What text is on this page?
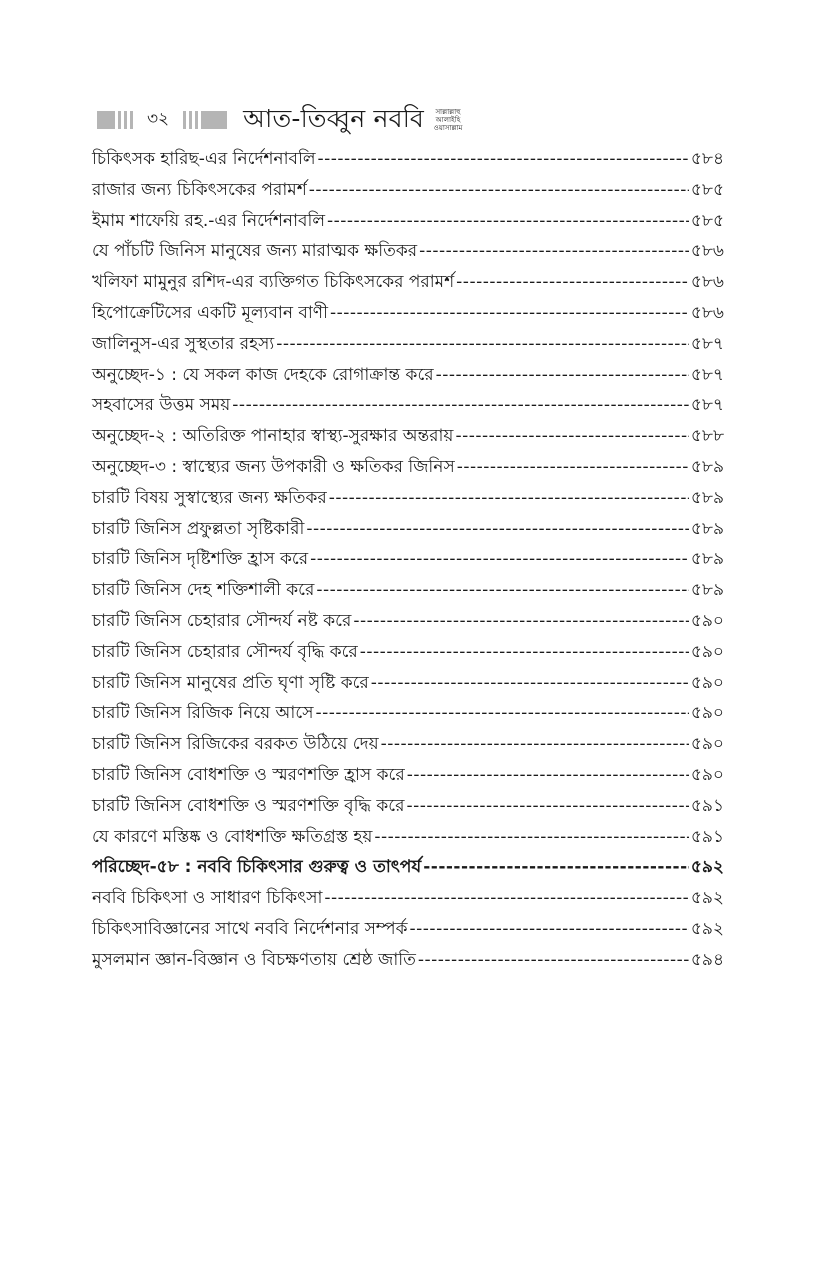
৩২	আত-তিব্বুন নববি	সাল্লাল্লাহু
আলাইহি
ওয়াসাল্লাম
চিকিৎসক হারিছ-এর নির্দেশনাবলি -----	৫৮৪
রাজার জন্য চিকিৎসকের পরামর্শ -----	৫৮৫
ইমাম শাফেয়ি রহ.-এর নির্দেশনাবলি -----	৫৮৫
যে পাঁচটি জিনিস মানুষের জন্য মারাত্মক ক্ষতিকর -----	৫৮৬
খলিফা মামুনুর রশিদ-এর ব্যক্তিগত চিকিৎসকের পরামর্শ -----	৫৮৬
হিপোক্রেটিসের একটি মূল্যবান বাণী -----	৫৮৬
জালিনুস-এর সুস্থতার রহস্য -----	৫৮৭
অনুচ্ছেদ-১ : যে সকল কাজ দেহকে রোগাক্রান্ত করে -----	৫৮৭
সহবাসের উত্তম সময় -----	৫৮৭
অনুচ্ছেদ-২ : অতিরিক্ত পানাহার স্বাস্থ্য-সুরক্ষার অন্তরায় -----	৫৮৮
অনুচ্ছেদ-৩ : স্বাস্থ্যের জন্য উপকারী ও ক্ষতিকর জিনিস -----	৫৮৯
চারটি বিষয় সুস্বাস্থ্যের জন্য ক্ষতিকর -----	৫৮৯
চারটি জিনিস প্রফুল্লতা সৃষ্টিকারী -----	৫৮৯
চারটি জিনিস দৃষ্টিশক্তি হ্রাস করে -----	৫৮৯
চারটি জিনিস দেহ শক্তিশালী করে -----	৫৮৯
চারটি জিনিস চেহারার সৌন্দর্য নষ্ট করে -----	৫৯০
চারটি জিনিস চেহারার সৌন্দর্য বৃদ্ধি করে -----	৫৯০
চারটি জিনিস মানুষের প্রতি ঘৃণা সৃষ্টি করে -----	৫৯০
চারটি জিনিস রিজিক নিয়ে আসে -----	৫৯০
চারটি জিনিস রিজিকের বরকত উঠিয়ে দেয় -----	৫৯০
চারটি জিনিস বোধশক্তি ও স্মরণশক্তি হ্রাস করে -----	৫৯০
চারটি জিনিস বোধশক্তি ও স্মরণশক্তি বৃদ্ধি করে -----	৫৯১
যে কারণে মস্তিষ্ক ও বোধশক্তি ক্ষতিগ্রস্ত হয় -----	৫৯১
পরিচ্ছেদ-৫৮ : নববি চিকিৎসার গুরুত্ব ও তাৎপর্য -----	৫৯২
নববি চিকিৎসা ও সাধারণ চিকিৎসা -----	৫৯২
চিকিৎসাবিজ্ঞানের সাথে নববি নির্দেশনার সম্পর্ক -----	৫৯২
মুসলমান জ্ঞান-বিজ্ঞান ও বিচক্ষণতায় শ্রেষ্ঠ জাতি -----	৫৯৪
